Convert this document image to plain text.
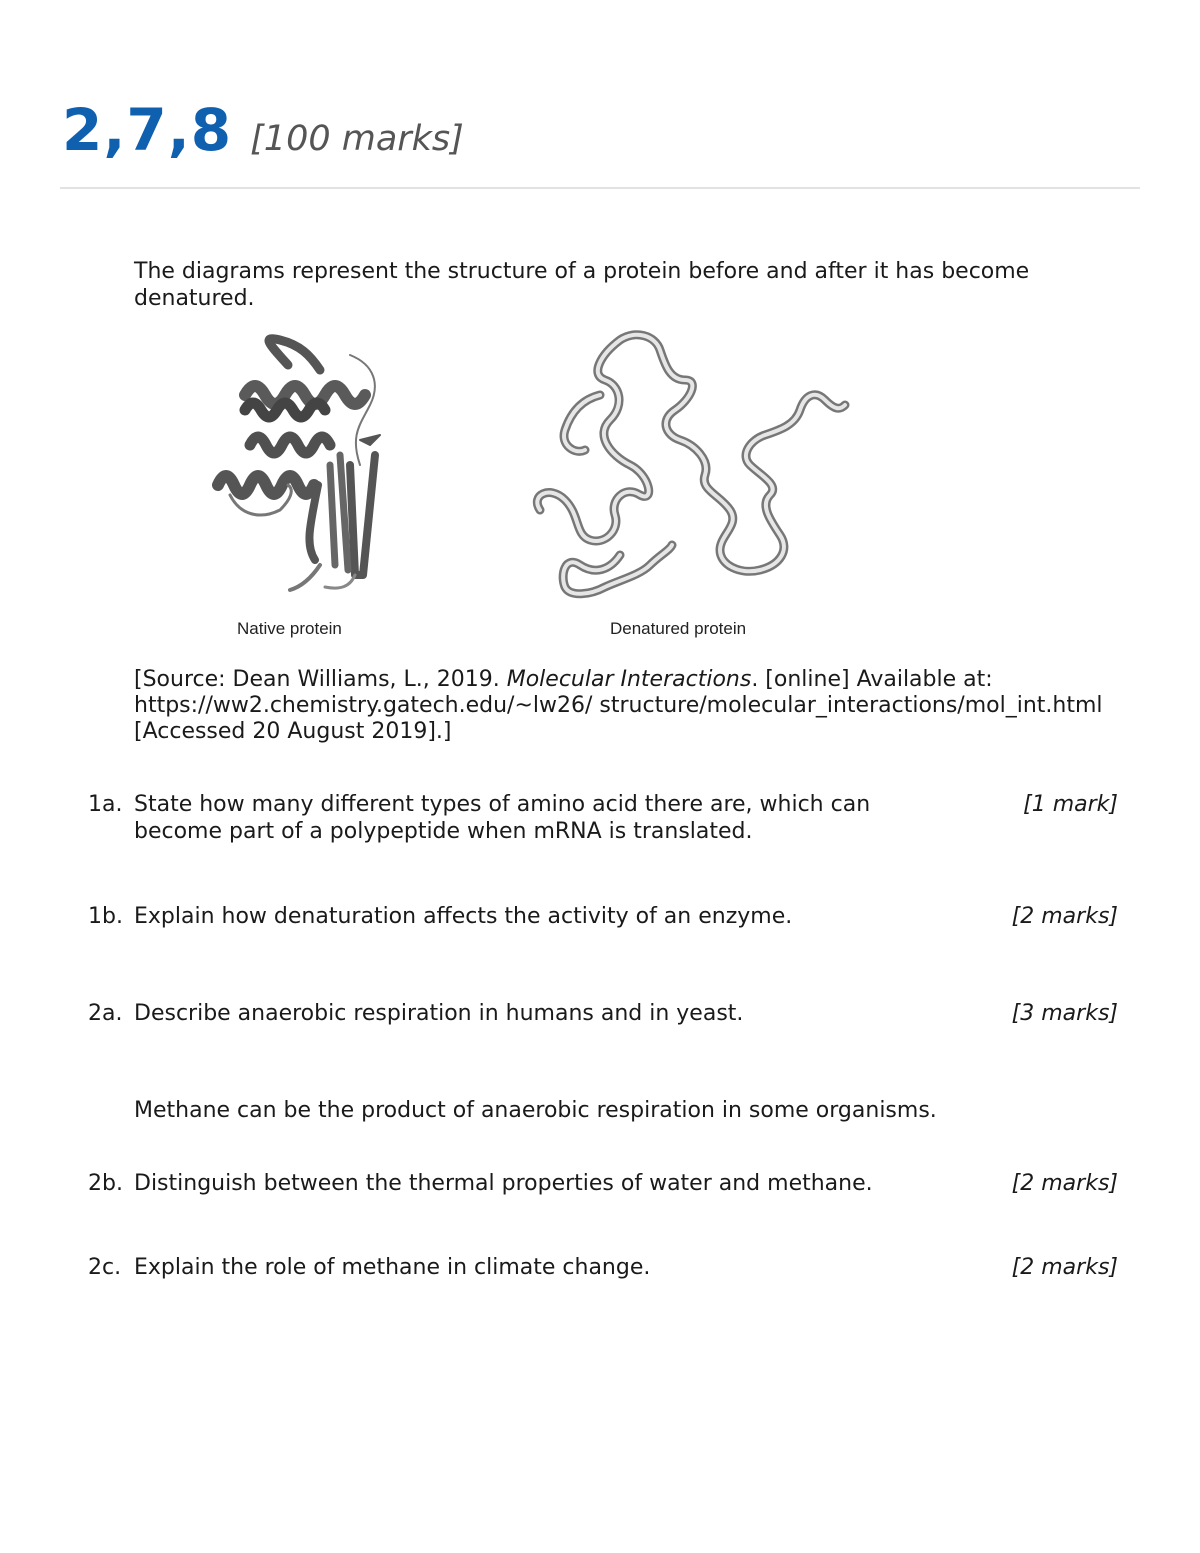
2,7,8 [100 marks]
The diagrams represent the structure of a protein before and after it has become denatured.
Native protein	Denatured protein
[Source: Dean Williams, L., 2019. Molecular Interactions. [online] Available at: https://ww2.chemistry.gatech.edu/~lw26/ structure/molecular_interactions/mol_int.html [Accessed 20 August 2019].]
1a. State how many different types of amino acid there are, which can become part of a polypeptide when mRNA is translated.
[1 mark]
1b. Explain how denaturation affects the activity of an enzyme.	[2 marks]
2a. Describe anaerobic respiration in humans and in yeast.	[3 marks]
Methane can be the product of anaerobic respiration in some organisms.
2b. Distinguish between the thermal properties of water and methane.	[2 marks]
2c. Explain the role of methane in climate change.	[2 marks]
